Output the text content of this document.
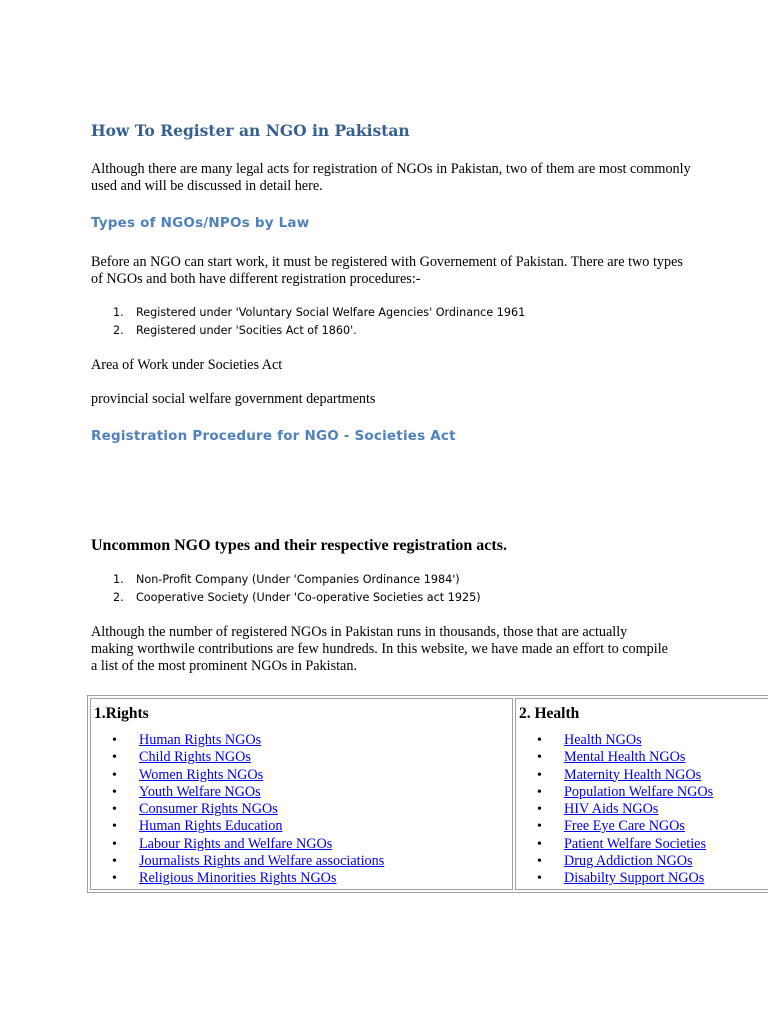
How To Register an NGO in Pakistan

Although there are many legal acts for registration of NGOs in Pakistan, two of them are most commonly used and will be discussed in detail here.

Types of NGOs/NPOs by Law

Before an NGO can start work, it must be registered with Governement of Pakistan. There are two types of NGOs and both have different registration procedures:-

1. Registered under 'Voluntary Social Welfare Agencies' Ordinance 1961
2. Registered under 'Socities Act of 1860'.

Area of Work under Societies Act

provincial social welfare government departments

Registration Procedure for NGO - Societies Act
Uncommon NGO types and their respective registration acts.
1. Non-Profit Company (Under 'Companies Ordinance 1984')
2. Cooperative Society (Under 'Co-operative Societies act 1925)

Although the number of registered NGOs in Pakistan runs in thousands, those that are actually making worthwile contributions are few hundreds. In this website, we have made an effort to compile a list of the most prominent NGOs in Pakistan.

1.Rights

• Human Rights NGOs
• Child Rights NGOs
• Women Rights NGOs
• Youth Welfare NGOs
• Consumer Rights NGOs
• Human Rights Education
• Labour Rights and Welfare NGOs
• Journalists Rights and Welfare associations
• Religious Minorities Rights NGOs

2. Health

• Health NGOs
• Mental Health NGOs
• Maternity Health NGOs
• Population Welfare NGOs
• HIV Aids NGOs
• Free Eye Care NGOs
• Patient Welfare Societies
• Drug Addiction NGOs
• Disabilty Support NGOs
